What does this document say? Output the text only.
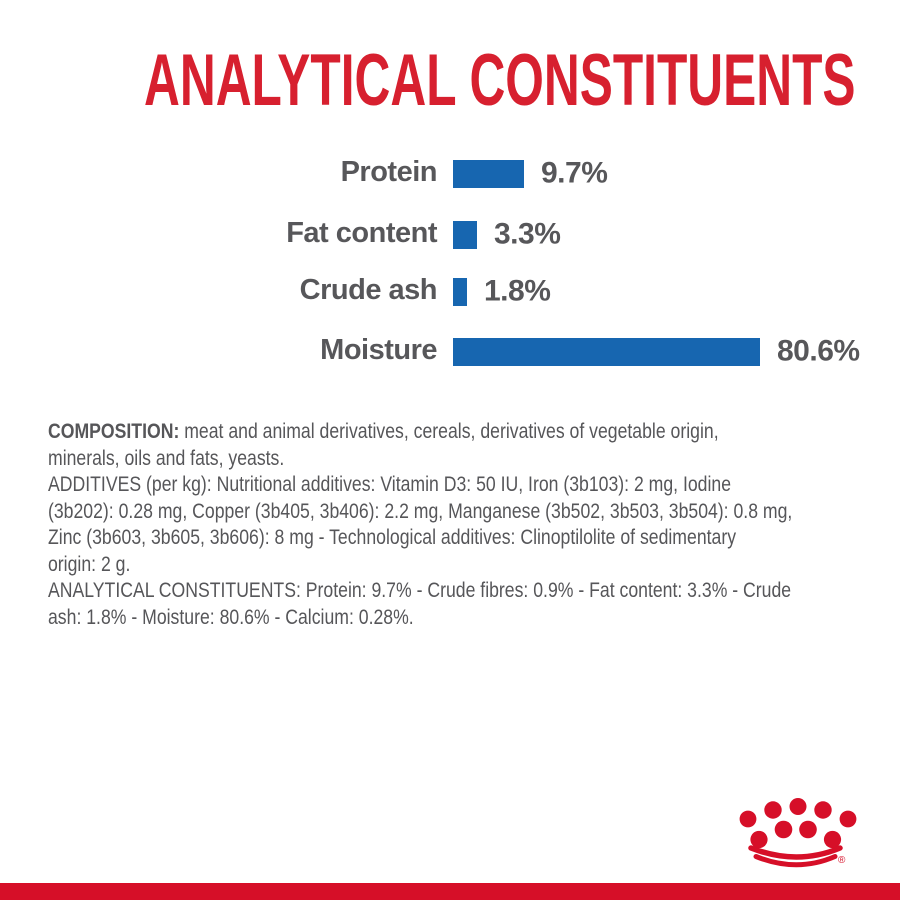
ANALYTICAL CONSTITUENTS
Protein	9.7%
Fat content 3.3%
Crude ash 1.8%
Moisture	80.6%
COMPOSITION: meat and animal derivatives, cereals, derivatives of vegetable origin,
minerals, oils and fats, yeasts.
ADDITIVES (per kg): Nutritional additives: Vitamin D3: 50 IU, Iron (3b103): 2 mg, Iodine
(3b202): 0.28 mg, Copper (3b405, 3b406): 2.2 mg, Manganese (3b502, 3b503, 3b504): 0.8 mg,
Zinc (3b603, 3b605, 3b606): 8 mg - Technological additives: Clinoptilolite of sedimentary
origin: 2 g.
ANALYTICAL CONSTITUENTS: Protein: 9.7% - Crude fibres: 0.9% - Fat content: 3.3% - Crude
ash: 1.8% - Moisture: 80.6% - Calcium: 0.28%.
®
